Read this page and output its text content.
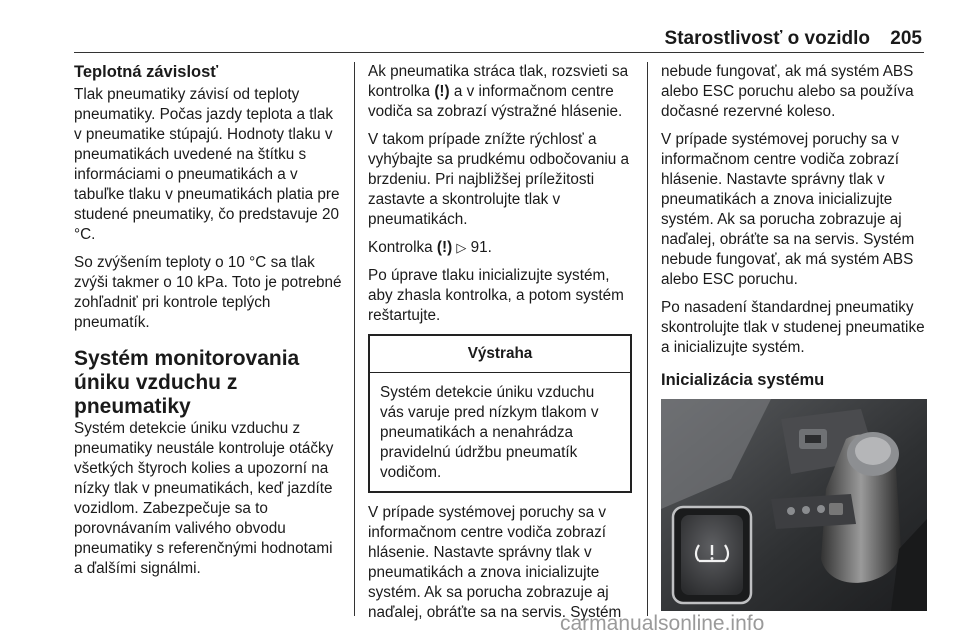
Starostlivosť o vozidlo 205
Teplotná závislosť

Tlak pneumatiky závisí od teploty pneumatiky. Počas jazdy teplota a tlak v pneumatike stúpajú. Hodnoty tlaku v pneumatikách uvedené na štítku s informáciami o pneumatikách a v tabuľke tlaku v pneumatikách platia pre studené pneumatiky, čo predstavuje 20 °C.

So zvýšením teploty o 10 °C sa tlak zvýši takmer o 10 kPa. Toto je potrebné zohľadniť pri kontrole teplých pneumatík.

Systém monitorovania úniku vzduchu z pneumatiky

Systém detekcie úniku vzduchu z pneumatiky neustále kontroluje otáčky všetkých štyroch kolies a upozorní na nízky tlak v pneumatikách, keď jazdíte vozidlom. Zabezpečuje sa to porovnávaním valivého obvodu pneumatiky s referenčnými hodnotami a ďalšími signálmi.

Ak pneumatika stráca tlak, rozsvieti sa kontrolka (!) a v informačnom centre vodiča sa zobrazí výstražné hlásenie.

V takom prípade znížte rýchlosť a vyhýbajte sa prudkému odbočovaniu a brzdeniu. Pri najbližšej príležitosti zastavte a skontrolujte tlak v pneumatikách.

Kontrolka (!) ▷ 91.

Po úprave tlaku inicializujte systém, aby zhasla kontrolka, a potom systém reštartujte.

Výstraha
Systém detekcie úniku vzduchu vás varuje pred nízkym tlakom v pneumatikách a nenahrádza pravidelnú údržbu pneumatík vodičom.

V prípade systémovej poruchy sa v informačnom centre vodiča zobrazí hlásenie. Nastavte správny tlak v pneumatikách a znova inicializujte systém. Ak sa porucha zobrazuje aj naďalej, obráťte sa na servis. Systém

nebude fungovať, ak má systém ABS alebo ESC poruchu alebo sa používa dočasné rezervné koleso.

V prípade systémovej poruchy sa v informačnom centre vodiča zobrazí hlásenie. Nastavte správny tlak v pneumatikách a znova inicializujte systém. Ak sa porucha zobrazuje aj naďalej, obráťte sa na servis. Systém nebude fungovať, ak má systém ABS alebo ESC poruchu.

Po nasadení štandardnej pneumatiky skontrolujte tlak v studenej pneumatike a inicializujte systém.

Inicializácia systému
carmanualsonline.info
